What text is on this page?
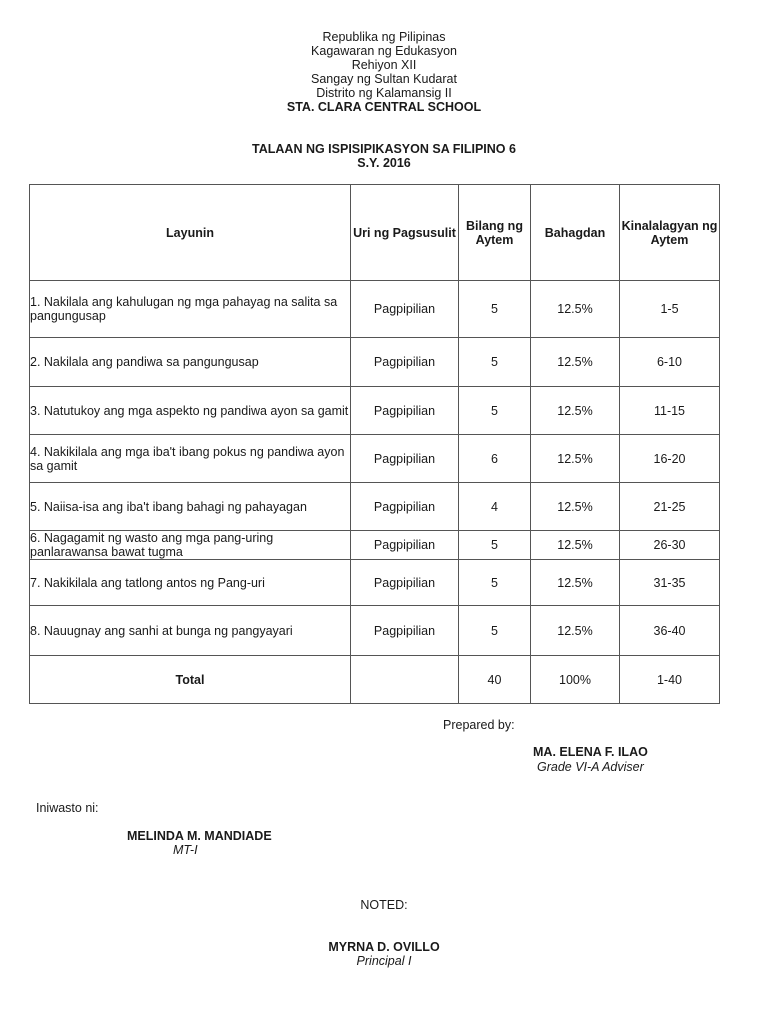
Republika ng Pilipinas
Kagawaran ng Edukasyon
Rehiyon XII
Sangay ng Sultan Kudarat
Distrito ng Kalamansig II
STA. CLARA CENTRAL SCHOOL
TALAAN NG ISPISIPIKASYON SA FILIPINO 6
S.Y. 2016
Layunin	Uri ng Pagsusulit	Bilang ng Aytem	Bahagdan	Kinalalagyan ng Aytem
1. Nakilala ang kahulugan ng mga pahayag na salita sa pangungusap	Pagpipilian	5	12.5%	1-5
2. Nakilala ang pandiwa sa pangungusap	Pagpipilian	5	12.5%	6-10
3. Natutukoy ang mga aspekto ng pandiwa ayon sa gamit	Pagpipilian	5	12.5%	11-15
4. Nakikilala ang mga iba't ibang pokus ng pandiwa ayon sa gamit	Pagpipilian	6	12.5%	16-20
5. Naiisa-isa ang iba't ibang bahagi ng pahayagan	Pagpipilian	4	12.5%	21-25
6. Nagagamit ng wasto ang mga pang-uring panlarawansa bawat tugma	Pagpipilian	5	12.5%	26-30
7. Nakikilala ang tatlong antos ng Pang-uri	Pagpipilian	5	12.5%	31-35
8. Nauugnay ang sanhi at bunga ng pangyayari	Pagpipilian	5	12.5%	36-40
Total		40	100%	1-40
Prepared by:
MA. ELENA F. ILAO
Grade VI-A Adviser
Iniwasto ni:
MELINDA M. MANDIADE
MT-I
NOTED:
MYRNA D. OVILLO
Principal I
